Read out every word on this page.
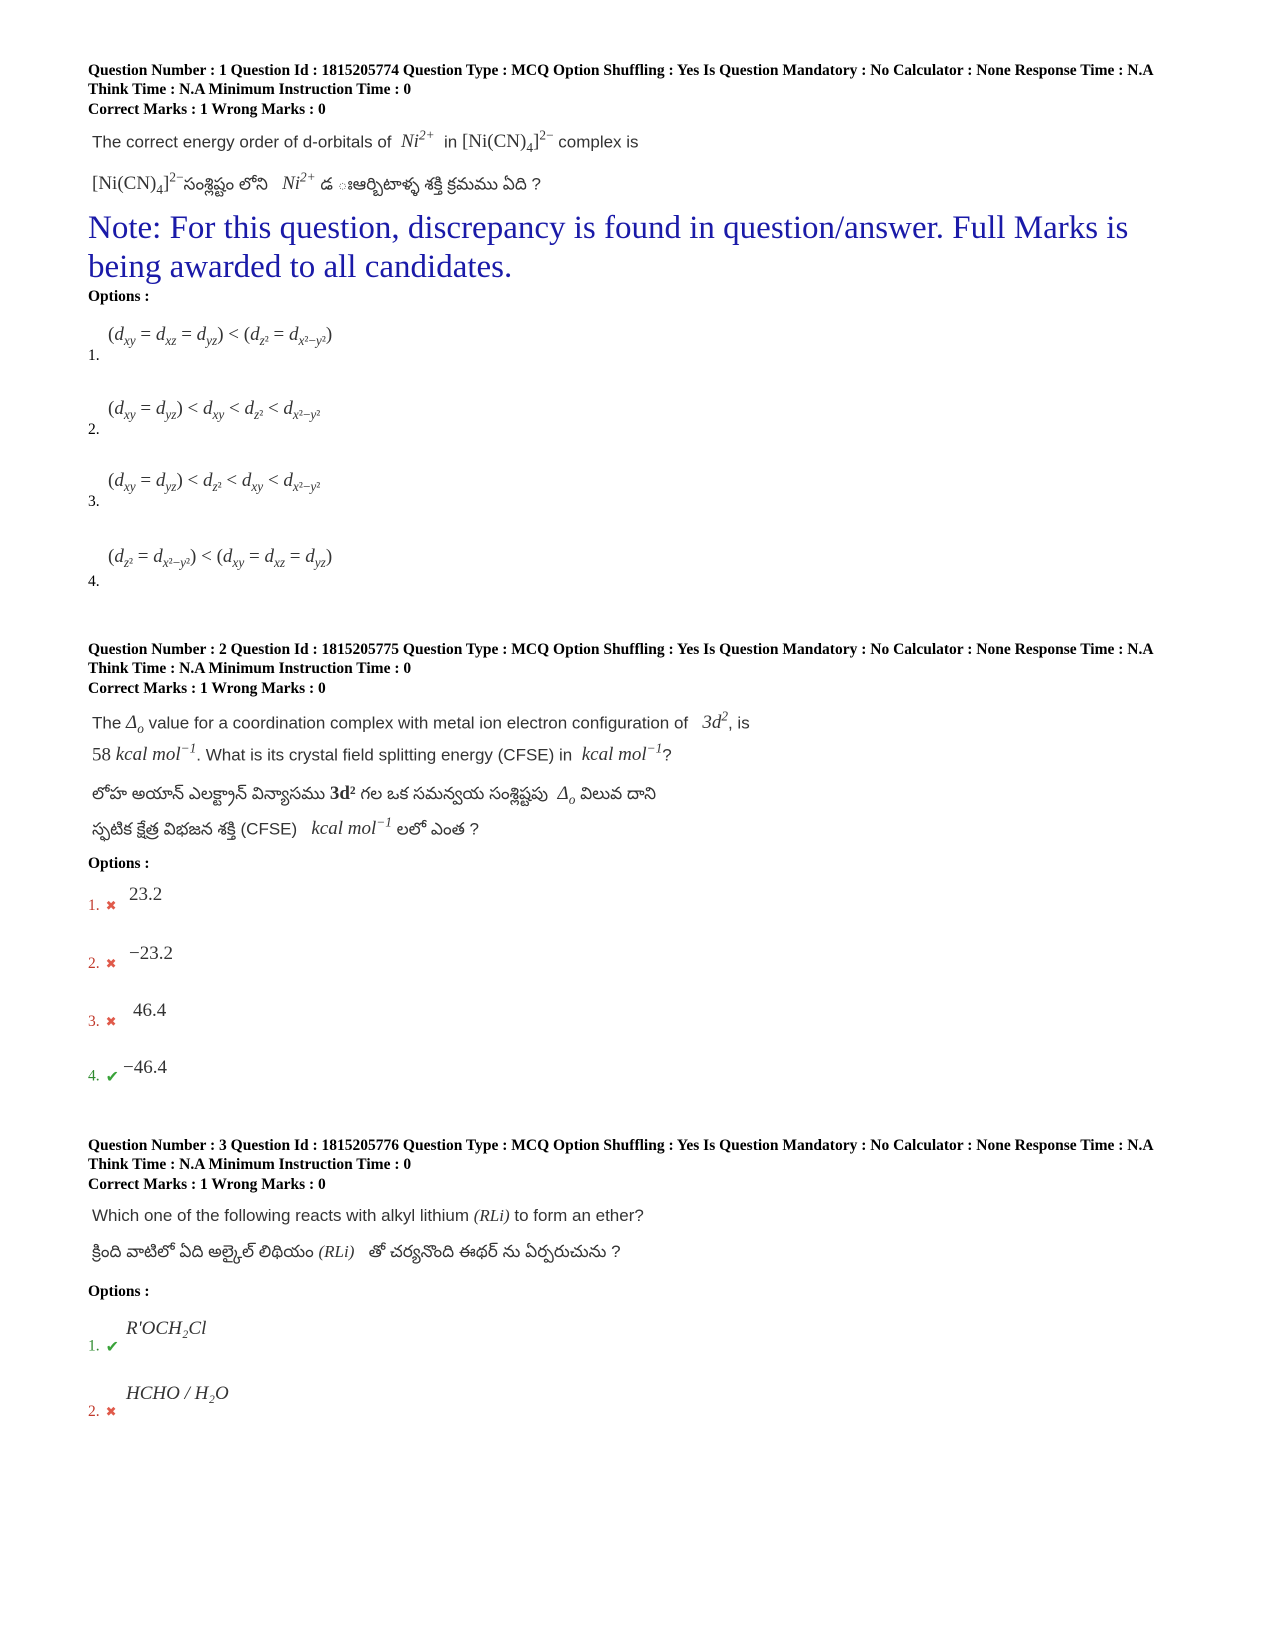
Question Number : 1 Question Id : 1815205774 Question Type : MCQ Option Shuffling : Yes Is Question Mandatory : No Calculator : None Response Time : N.A Think Time : N.A Minimum Instruction Time : 0
Correct Marks : 1 Wrong Marks : 0
The correct energy order of d-orbitals of $Ni^{2+}$ in $[Ni(CN)_4]^{2-}$ complex is
$[Ni(CN)_4]^{2-}సంశ్లిష్టం$ లోని $Ni^{2+}$ డ ఃఆర్బిటాళ్ళ శక్తి క్రమము ఏది ?
Note: For this question, discrepancy is found in question/answer. Full Marks is being awarded to all candidates.
Options :
1.
$(d_{xy} = d_{xz} = d_{yz}) < (d_{z^2} = d_{x^2-y^2})$
2.
$(d_{xy} = d_{yz}) < d_{xy} < d_{z^2} < d_{x^2-y^2}$
3.
$(d_{xy} = d_{yz}) < d_{z^2} < d_{xy} < d_{x^2-y^2}$
4.
$(d_{z^2} = d_{x^2-y^2}) < (d_{xy} = d_{xz} = d_{yz})$
Question Number : 2 Question Id : 1815205775 Question Type : MCQ Option Shuffling : Yes Is Question Mandatory : No Calculator : None Response Time : N.A Think Time : N.A Minimum Instruction Time : 0
Correct Marks : 1 Wrong Marks : 0
The $\Delta_o$ value for a coordination complex with metal ion electron configuration of $3d^2$, is
58 kcal mol$^{-1}$. What is its crystal field splitting energy (CFSE) in kcal mol$^{-1}$?
లోహ అయాన్ ఎలక్ట్రాన్ విన్యాసము 3d² గల ఒక సమన్వయ సంశ్లిష్టపు $\Delta_o$ విలువ దాని
స్ఫటిక క్షేత్ర విభజన శక్తి (CFSE) kcal mol$^{-1}$ లలో ఎంత ?
Options :
1. ✖
23.2
2. ✖ −23.2
3. ✖
46.4
4. ✔ −46.4
Question Number : 3 Question Id : 1815205776 Question Type : MCQ Option Shuffling : Yes Is Question Mandatory : No Calculator : None Response Time : N.A Think Time : N.A Minimum Instruction Time : 0
Correct Marks : 1 Wrong Marks : 0
Which one of the following reacts with alkyl lithium (RLi) to form an ether?
క్రింది వాటిలో ఏది అల్కైల్ లిథియం (RLi) తో చర్యనొంది ఈథర్ ను ఏర్పరుచును ?
Options :
1. ✔
R'OCH₂Cl
2. ✖
HCHO / H₂O
